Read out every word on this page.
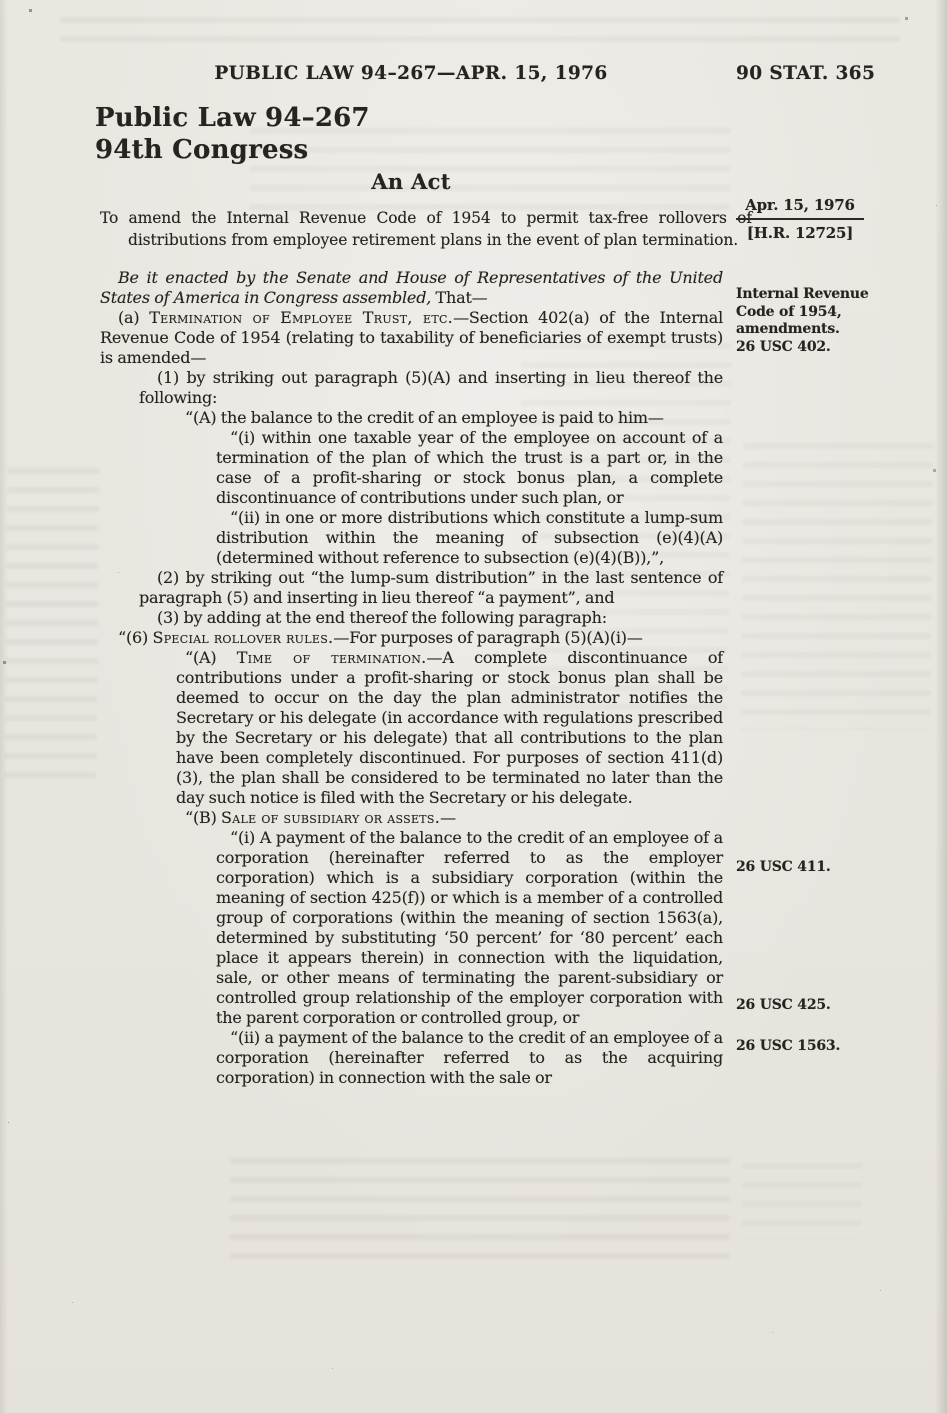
PUBLIC LAW 94–267—APR. 15, 1976	90 STAT. 365
Public Law 94–267
94th Congress
An Act

To amend the Internal Revenue Code of 1954 to permit tax-free rollovers of distributions from employee retirement plans in the event of plan termination.

Apr. 15, 1976
[H.R. 12725]
Internal Revenue
Code of 1954,
amendments.
26 USC 402.
26 USC 411.
26 USC 425.
26 USC 1563.

Be it enacted by the Senate and House of Representatives of the United States of America in Congress assembled, That—

(a) Termination of Employee Trust, etc.—Section 402(a) of the Internal Revenue Code of 1954 (relating to taxability of beneficiaries of exempt trusts) is amended—

(1) by striking out paragraph (5)(A) and inserting in lieu thereof the following:

“(A) the balance to the credit of an employee is paid to him—

“(i) within one taxable year of the employee on account of a termination of the plan of which the trust is a part or, in the case of a profit-sharing or stock bonus plan, a complete discontinuance of contributions under such plan, or

“(ii) in one or more distributions which constitute a lump-sum distribution within the meaning of subsection (e)(4)(A) (determined without reference to subsection (e)(4)(B)),”,

(2) by striking out “the lump-sum distribution” in the last sentence of paragraph (5) and inserting in lieu thereof “a payment”, and

(3) by adding at the end thereof the following paragraph:

“(6) Special rollover rules.—For purposes of paragraph (5)(A)(i)—

“(A) Time of termination.—A complete discontinuance of contributions under a profit-sharing or stock bonus plan shall be deemed to occur on the day the plan administrator notifies the Secretary or his delegate (in accordance with regulations prescribed by the Secretary or his delegate) that all contributions to the plan have been completely discontinued. For purposes of section 411(d)(3), the plan shall be considered to be terminated no later than the day such notice is filed with the Secretary or his delegate.

“(B) Sale of subsidiary or assets.—

“(i) A payment of the balance to the credit of an employee of a corporation (hereinafter referred to as the employer corporation) which is a subsidiary corporation (within the meaning of section 425(f)) or which is a member of a controlled group of corporations (within the meaning of section 1563(a), determined by substituting ‘50 percent’ for ‘80 percent’ each place it appears therein) in connection with the liquidation, sale, or other means of terminating the parent-subsidiary or controlled group relationship of the employer corporation with the parent corporation or controlled group, or

“(ii) a payment of the balance to the credit of an employee of a corporation (hereinafter referred to as the acquiring corporation) in connection with the sale or
